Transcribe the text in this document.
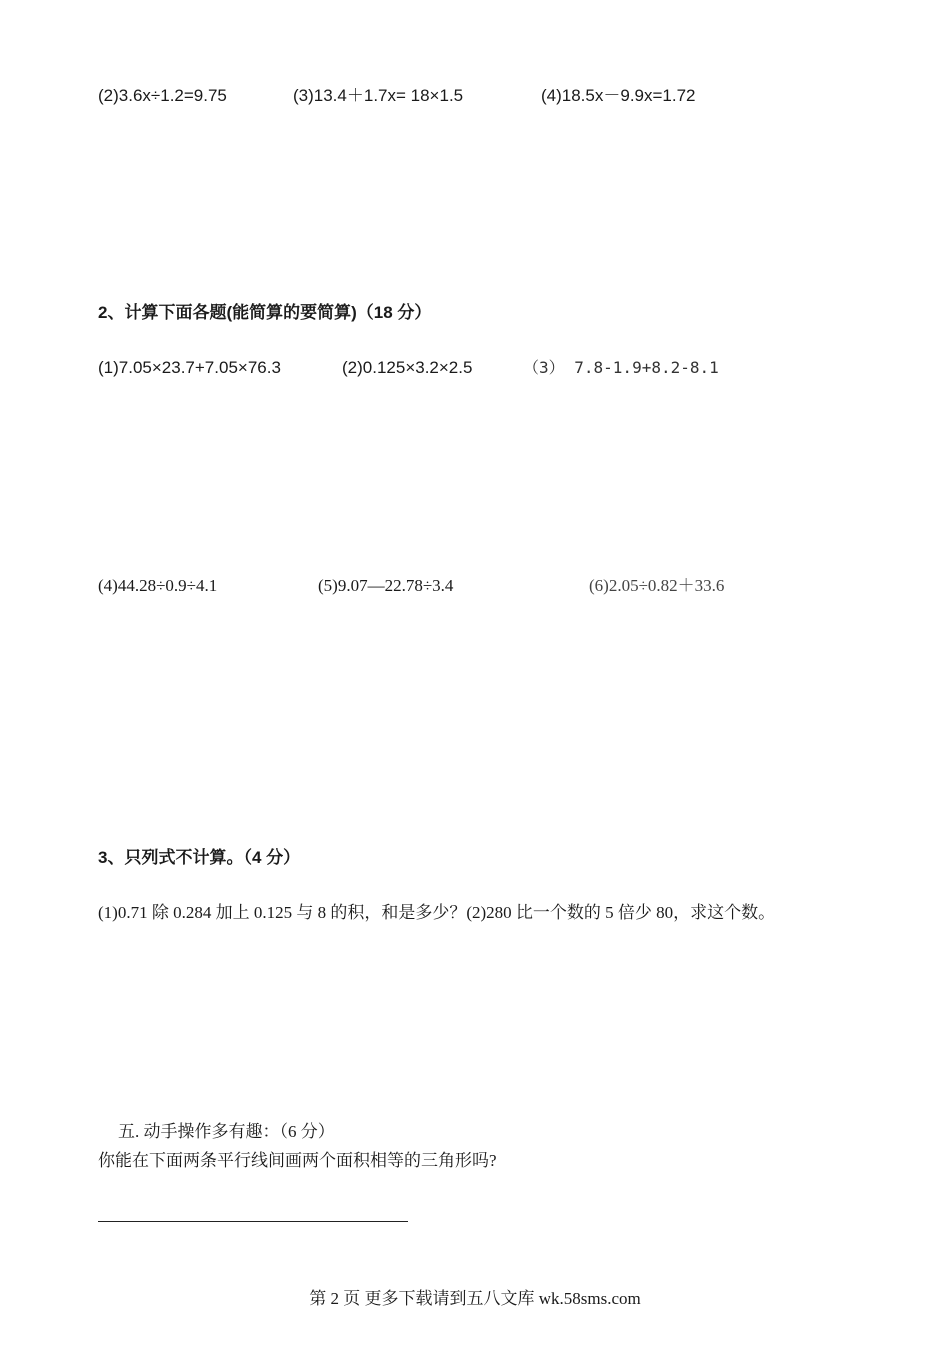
(2)3.6x÷1.2=9.75	(3)13.4＋1.7x= 18×1.5	(4)18.5x－9.9x=1.72
2、计算下面各题(能简算的要简算)（18 分）
(1)7.05×23.7+7.05×76.3	(2)0.125×3.2×2.5	（3） 7.8-1.9+8.2-8.1
(4)44.28÷0.9÷4.1	(5)9.07—22.78÷3.4	(6)2.05÷0.82＋33.6
3、只列式不计算。（4 分）
(1)0.71 除 0.284 加上 0.125 与 8 的积，和是多少？(2)280 比一个数的 5 倍少 80，求这个数。
五. 动手操作多有趣：（6 分）
你能在下面两条平行线间画两个面积相等的三角形吗?
第 2 页 更多下载请到五八文库 wk.58sms.com
